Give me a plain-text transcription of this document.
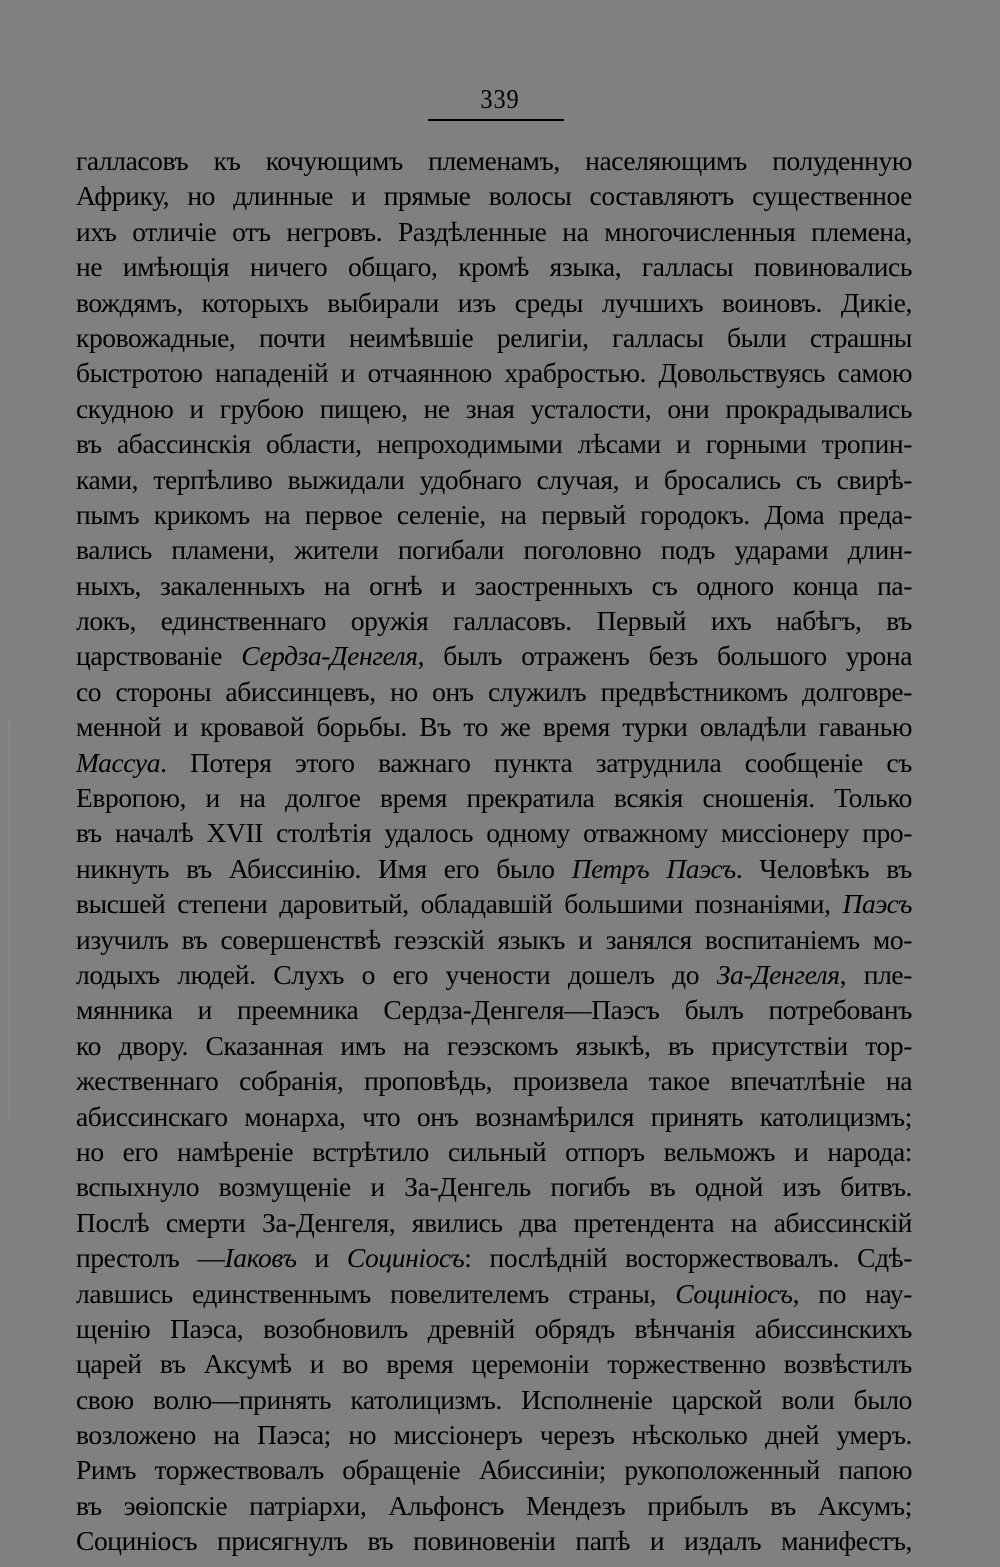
339
галласовъ къ кочующимъ племенамъ, населяющимъ полуденную
Африку, но длинные и прямые волосы составляютъ существенное
ихъ отличіе отъ негровъ. Раздѣленные на многочисленныя племена,
не имѣющія ничего общаго, кромѣ языка, галласы повиновались
вождямъ, которыхъ выбирали изъ среды лучшихъ воиновъ. Дикіе,
кровожадные, почти неимѣвшіе религіи, галласы были страшны
быстротою нападеній и отчаянною храбростью. Довольствуясь самою
скудною и грубою пищею, не зная усталости, они прокрадывались
въ абассинскія области, непроходимыми лѣсами и горными тропин-
ками, терпѣливо выжидали удобнаго случая, и бросались съ свирѣ-
пымъ крикомъ на первое селеніе, на первый городокъ. Дома преда-
вались пламени, жители погибали поголовно подъ ударами длин-
ныхъ, закаленныхъ на огнѣ и заостренныхъ съ одного конца па-
локъ, единственнаго оружія галласовъ. Первый ихъ набѣгъ, въ
царствованіе Сердза-Денгеля, былъ отраженъ безъ большого урона
со стороны абиссинцевъ, но онъ служилъ предвѣстникомъ долговре-
менной и кровавой борьбы. Въ то же время турки овладѣли гаванью
Массуа. Потеря этого важнаго пункта затруднила сообщеніе съ
Европою, и на долгое время прекратила всякія сношенія. Только
въ началѣ XVII столѣтія удалось одному отважному миссіонеру про-
никнуть въ Абиссинію. Имя его было Петръ Паэсъ. Человѣкъ въ
высшей степени даровитый, обладавшій большими познаніями, Паэсъ
изучилъ въ совершенствѣ геэзскій языкъ и занялся воспитаніемъ мо-
лодыхъ людей. Слухъ о его учености дошелъ до За-Денгеля, пле-
мянника и преемника Сердза-Денгеля—Паэсъ былъ потребованъ
ко двору. Сказанная имъ на геэзскомъ языкѣ, въ присутствіи тор-
жественнаго собранія, проповѣдь, произвела такое впечатлѣніе на
абиссинскаго монарха, что онъ вознамѣрился принять католицизмъ;
но его намѣреніе встрѣтило сильный отпоръ вельможъ и народа:
вспыхнуло возмущеніе и За-Денгель погибъ въ одной изъ битвъ.
Послѣ смерти За-Денгеля, явились два претендента на абиссинскій
престолъ —Іаковъ и Социніосъ: послѣдній восторжествовалъ. Сдѣ-
лавшись единственнымъ повелителемъ страны, Социніосъ, по нау-
щенію Паэса, возобновилъ древній обрядъ вѣнчанія абиссинскихъ
царей въ Аксумѣ и во время церемоніи торжественно возвѣстилъ
свою волю—принять католицизмъ. Исполненіе царской воли было
возложено на Паэса; но миссіонеръ черезъ нѣсколько дней умеръ.
Римъ торжествовалъ обращеніе Абиссиніи; рукоположенный папою
въ эѳіопскіе патріархи, Альфонсъ Мендезъ прибылъ въ Аксумъ;
Социніосъ присягнулъ въ повиновеніи папѣ и издалъ манифестъ,
